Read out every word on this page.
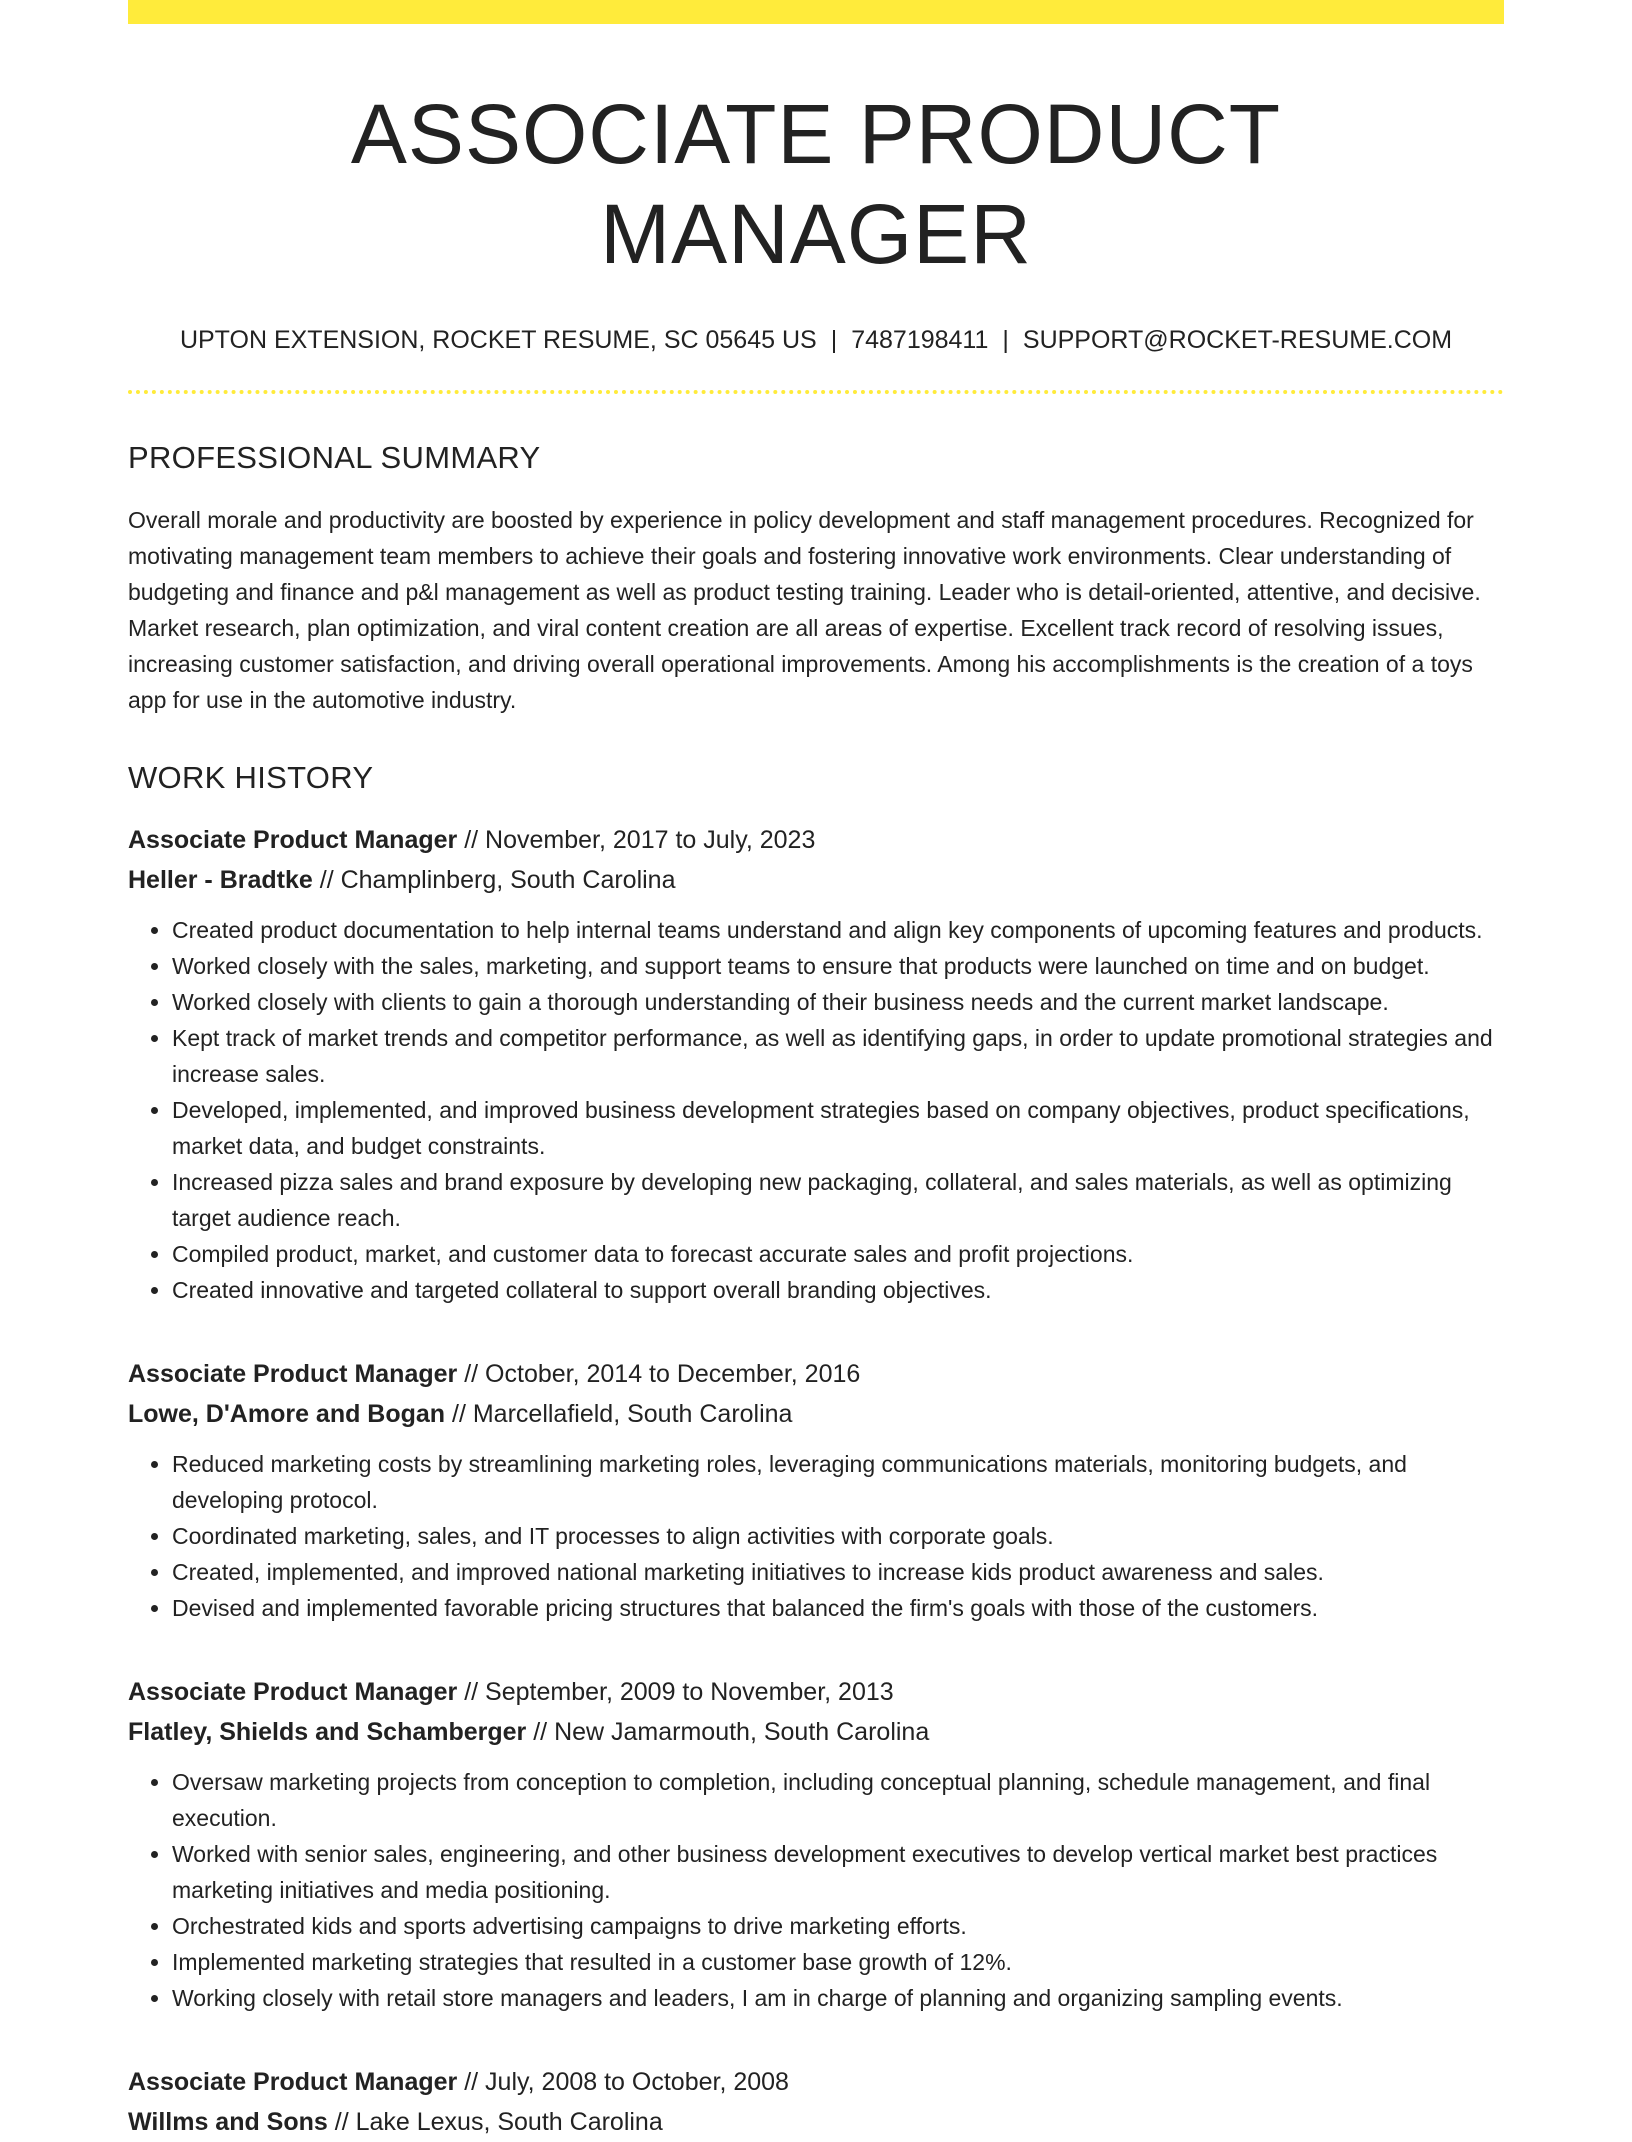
ASSOCIATE PRODUCT MANAGER
UPTON EXTENSION, ROCKET RESUME, SC 05645 US | 7487198411 | SUPPORT@ROCKET-RESUME.COM
PROFESSIONAL SUMMARY

Overall morale and productivity are boosted by experience in policy development and staff management procedures. Recognized for motivating management team members to achieve their goals and fostering innovative work environments. Clear understanding of budgeting and finance and p&l management as well as product testing training. Leader who is detail-oriented, attentive, and decisive. Market research, plan optimization, and viral content creation are all areas of expertise. Excellent track record of resolving issues, increasing customer satisfaction, and driving overall operational improvements. Among his accomplishments is the creation of a toys app for use in the automotive industry.

WORK HISTORY
Associate Product Manager // November, 2017 to July, 2023
Heller - Bradtke // Champlinberg, South Carolina
• Created product documentation to help internal teams understand and align key components of upcoming features and products.
• Worked closely with the sales, marketing, and support teams to ensure that products were launched on time and on budget.
• Worked closely with clients to gain a thorough understanding of their business needs and the current market landscape.
• Kept track of market trends and competitor performance, as well as identifying gaps, in order to update promotional strategies and increase sales.
• Developed, implemented, and improved business development strategies based on company objectives, product specifications, market data, and budget constraints.
• Increased pizza sales and brand exposure by developing new packaging, collateral, and sales materials, as well as optimizing target audience reach.
• Compiled product, market, and customer data to forecast accurate sales and profit projections.
• Created innovative and targeted collateral to support overall branding objectives.
Associate Product Manager // October, 2014 to December, 2016
Lowe, D'Amore and Bogan // Marcellafield, South Carolina
• Reduced marketing costs by streamlining marketing roles, leveraging communications materials, monitoring budgets, and developing protocol.
• Coordinated marketing, sales, and IT processes to align activities with corporate goals.
• Created, implemented, and improved national marketing initiatives to increase kids product awareness and sales.
• Devised and implemented favorable pricing structures that balanced the firm's goals with those of the customers.
Associate Product Manager // September, 2009 to November, 2013
Flatley, Shields and Schamberger // New Jamarmouth, South Carolina
• Oversaw marketing projects from conception to completion, including conceptual planning, schedule management, and final execution.
• Worked with senior sales, engineering, and other business development executives to develop vertical market best practices marketing initiatives and media positioning.
• Orchestrated kids and sports advertising campaigns to drive marketing efforts.
• Implemented marketing strategies that resulted in a customer base growth of 12%.
• Working closely with retail store managers and leaders, I am in charge of planning and organizing sampling events.
Associate Product Manager // July, 2008 to October, 2008
Willms and Sons // Lake Lexus, South Carolina
